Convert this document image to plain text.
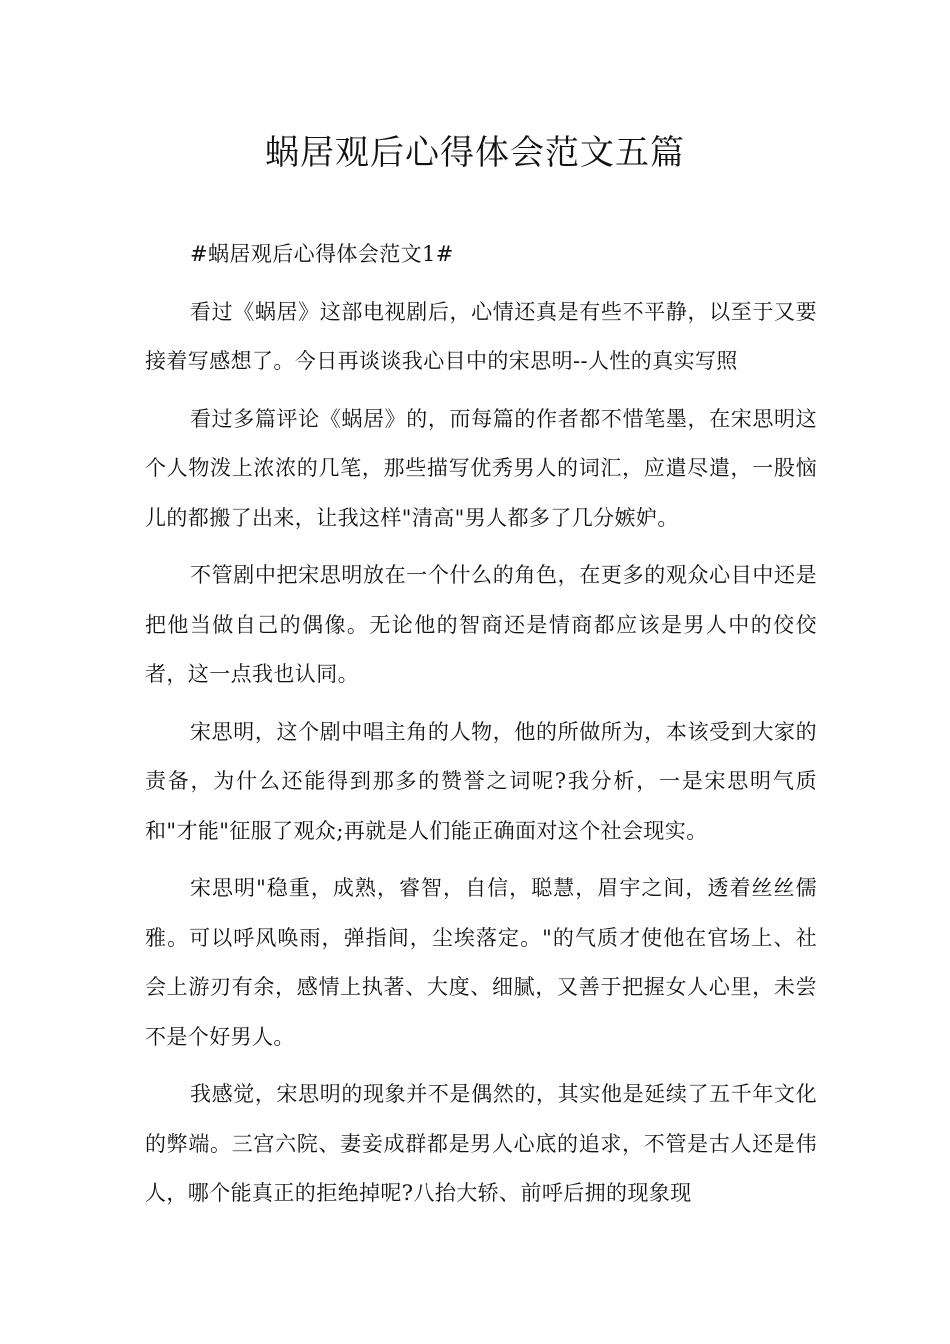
蜗居观后心得体会范文五篇

#蜗居观后心得体会范文1#

看过《蜗居》这部电视剧后，心情还真是有些不平静，以至于又要接着写感想了。今日再谈谈我心目中的宋思明--人性的真实写照

看过多篇评论《蜗居》的，而每篇的作者都不惜笔墨，在宋思明这个人物泼上浓浓的几笔，那些描写优秀男人的词汇，应遣尽遣，一股恼儿的都搬了出来，让我这样"清高"男人都多了几分嫉妒。

不管剧中把宋思明放在一个什么的角色，在更多的观众心目中还是把他当做自己的偶像。无论他的智商还是情商都应该是男人中的佼佼者，这一点我也认同。

宋思明，这个剧中唱主角的人物，他的所做所为，本该受到大家的责备，为什么还能得到那多的赞誉之词呢?我分析，一是宋思明气质和"才能"征服了观众;再就是人们能正确面对这个社会现实。

宋思明"稳重，成熟，睿智，自信，聪慧，眉宇之间，透着丝丝儒雅。可以呼风唤雨，弹指间，尘埃落定。"的气质才使他在官场上、社会上游刃有余，感情上执著、大度、细腻，又善于把握女人心里，未尝不是个好男人。

我感觉，宋思明的现象并不是偶然的，其实他是延续了五千年文化的弊端。三宫六院、妻妾成群都是男人心底的追求，不管是古人还是伟人，哪个能真正的拒绝掉呢?八抬大轿、前呼后拥的现象现
